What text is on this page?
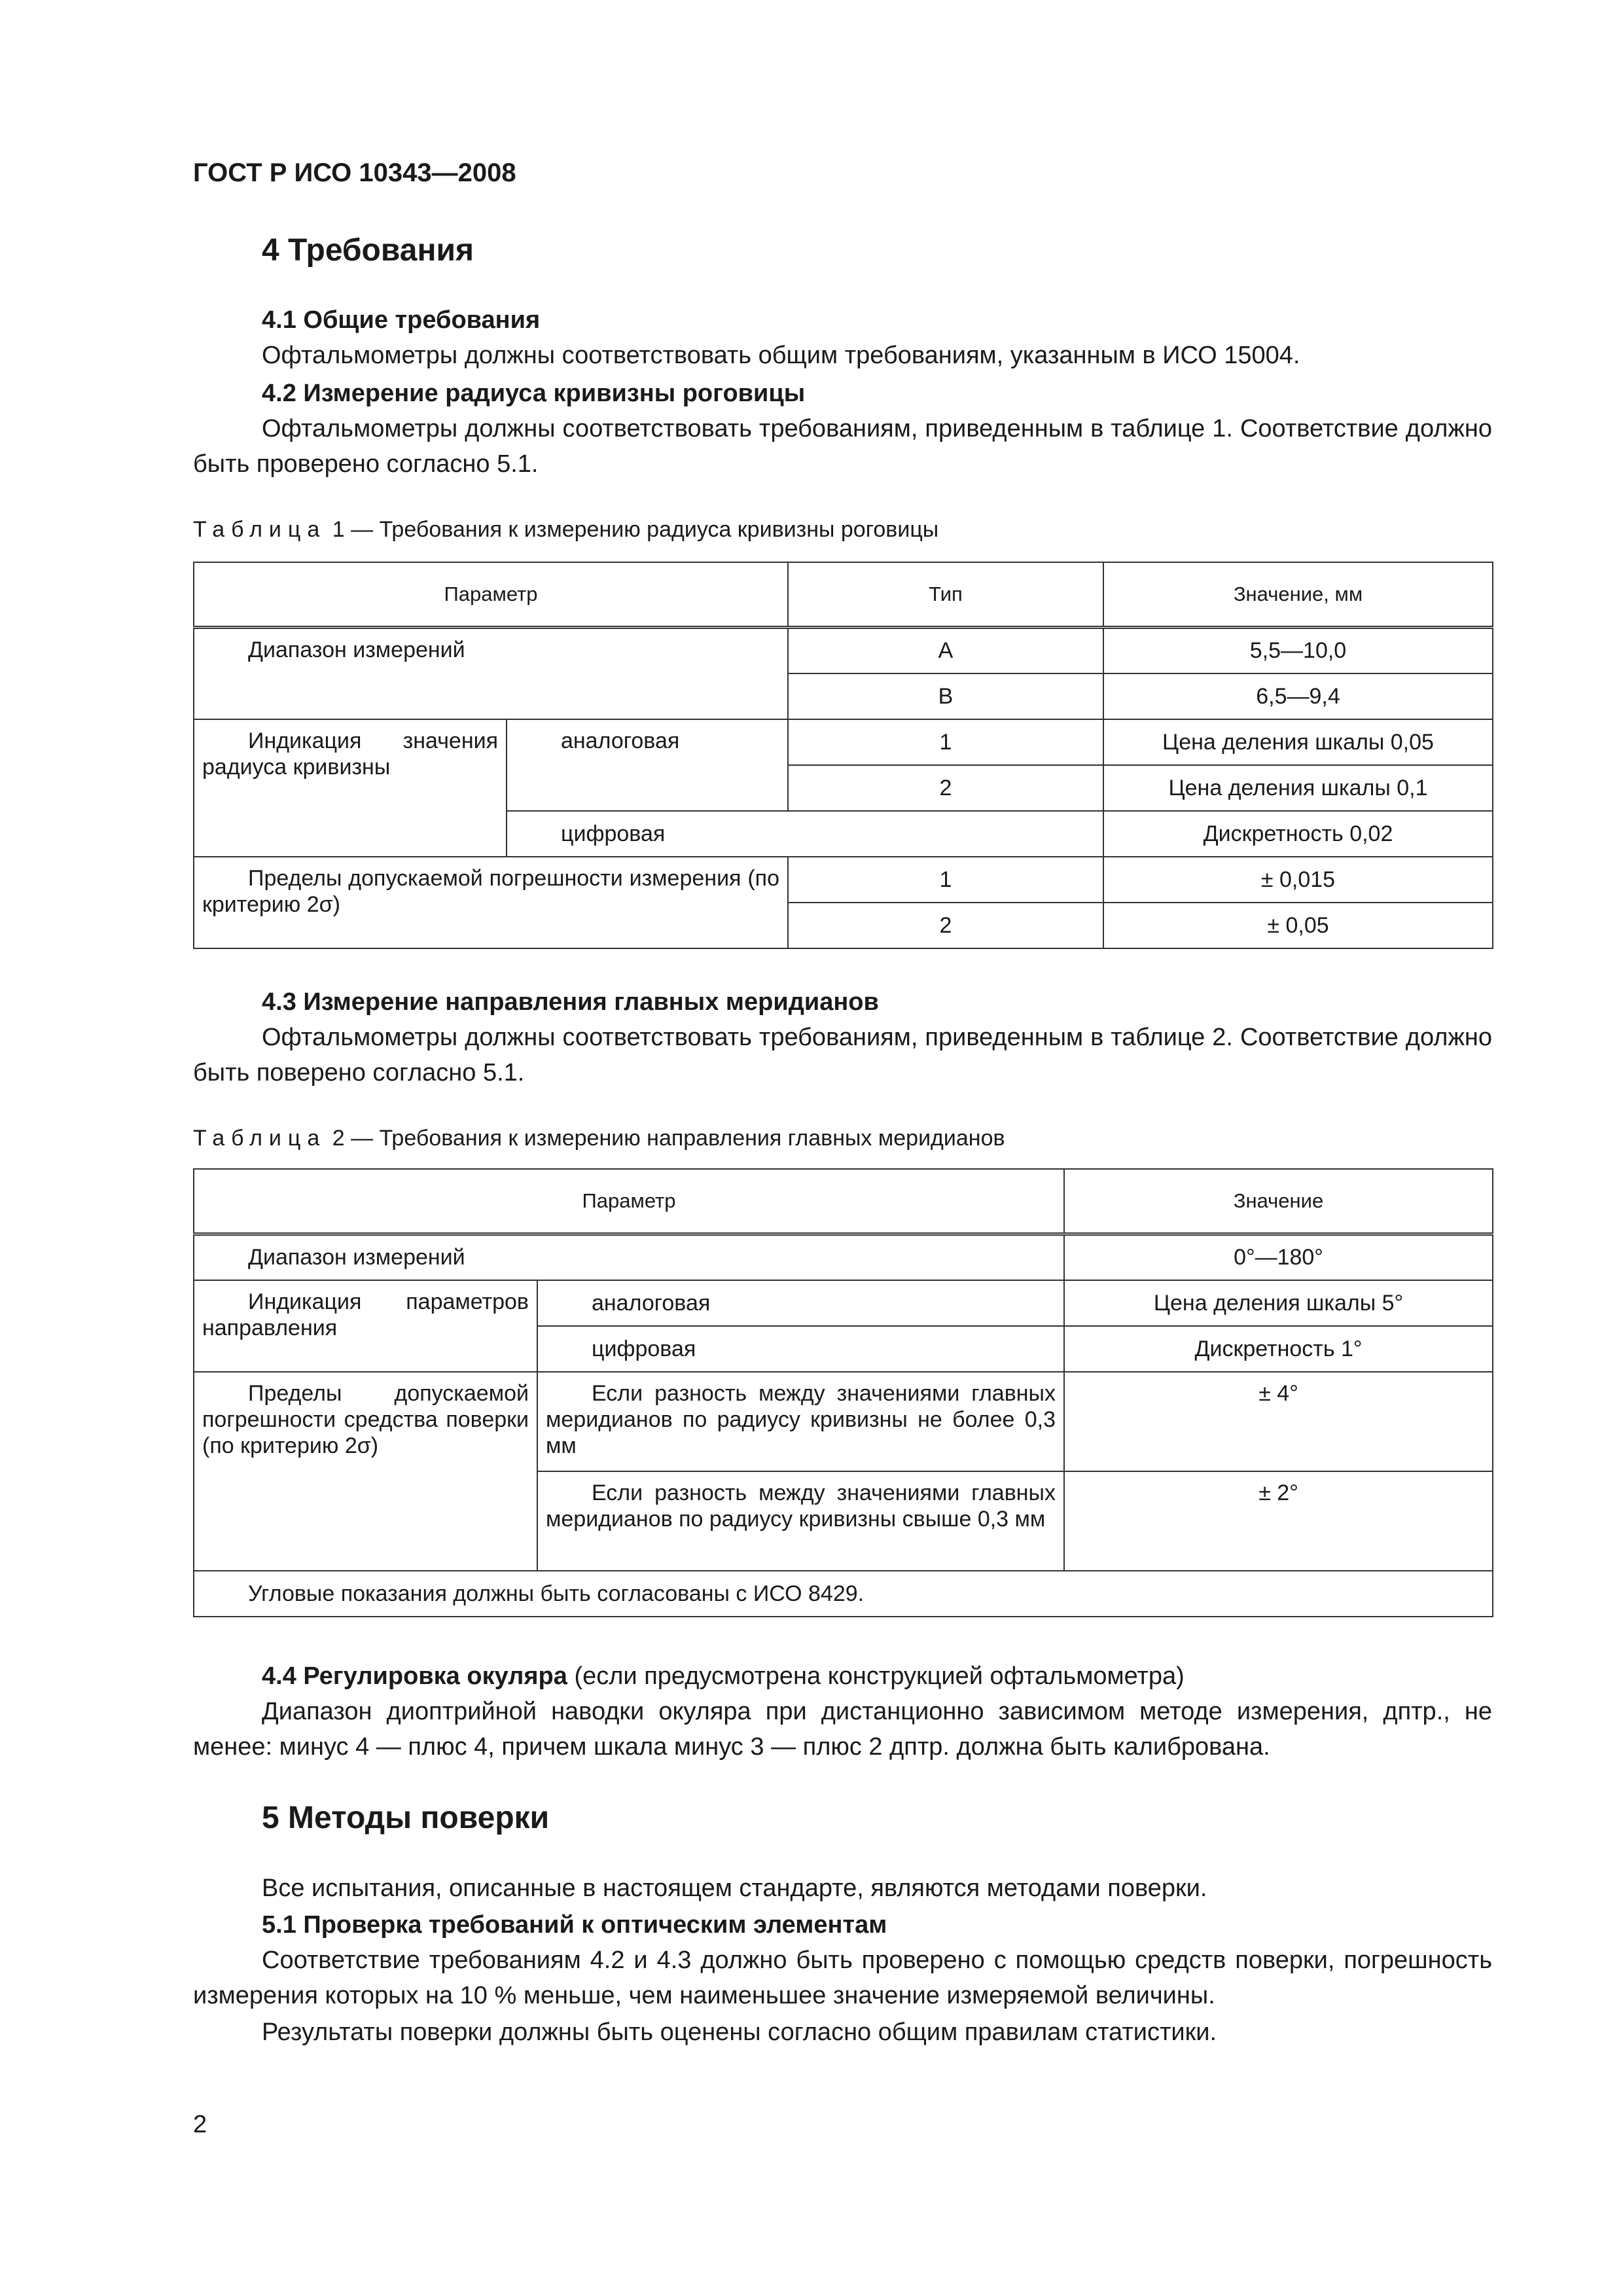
ГОСТ Р ИСО 10343—2008
4 Требования
4.1 Общие требования
Офтальмометры должны соответствовать общим требованиям, указанным в ИСО 15004.
4.2 Измерение радиуса кривизны роговицы
Офтальмометры должны соответствовать требованиям, приведенным в таблице 1. Соответствие должно быть проверено согласно 5.1.
Таблица 1 — Требования к измерению радиуса кривизны роговицы
Параметр		Тип	Значение, мм
Диапазон измерений		A	5,5—10,0
		B	6,5—9,4
Индикация значения радиуса кривизны	аналоговая	1	Цена деления шкалы 0,05
		2	Цена деления шкалы 0,1
	цифровая		Дискретность 0,02
Пределы допускаемой погрешности измерения (по критерию 2σ)		1	± 0,015
		2	± 0,05
4.3 Измерение направления главных меридианов
Офтальмометры должны соответствовать требованиям, приведенным в таблице 2. Соответствие должно быть поверено согласно 5.1.
Таблица 2 — Требования к измерению направления главных меридианов
Параметр		Значение
Диапазон измерений		0°—180°
Индикация параметров направления	аналоговая	Цена деления шкалы 5°
	цифровая	Дискретность 1°
Пределы допускаемой погрешности средства поверки (по критерию 2σ)	Если разность между значениями главных меридианов по радиусу кривизны не более 0,3 мм	± 4°
	Если разность между значениями главных меридианов по радиусу кривизны свыше 0,3 мм	± 2°
Угловые показания должны быть согласованы с ИСО 8429.		
4.4 Регулировка окуляра (если предусмотрена конструкцией офтальмометра)
Диапазон диоптрийной наводки окуляра при дистанционно зависимом методе измерения, дптр., не менее: минус 4 — плюс 4, причем шкала минус 3 — плюс 2 дптр. должна быть калибрована.
5 Методы поверки
Все испытания, описанные в настоящем стандарте, являются методами поверки.
5.1 Проверка требований к оптическим элементам
Соответствие требованиям 4.2 и 4.3 должно быть проверено с помощью средств поверки, погрешность измерения которых на 10 % меньше, чем наименьшее значение измеряемой величины.
Результаты поверки должны быть оценены согласно общим правилам статистики.
2
